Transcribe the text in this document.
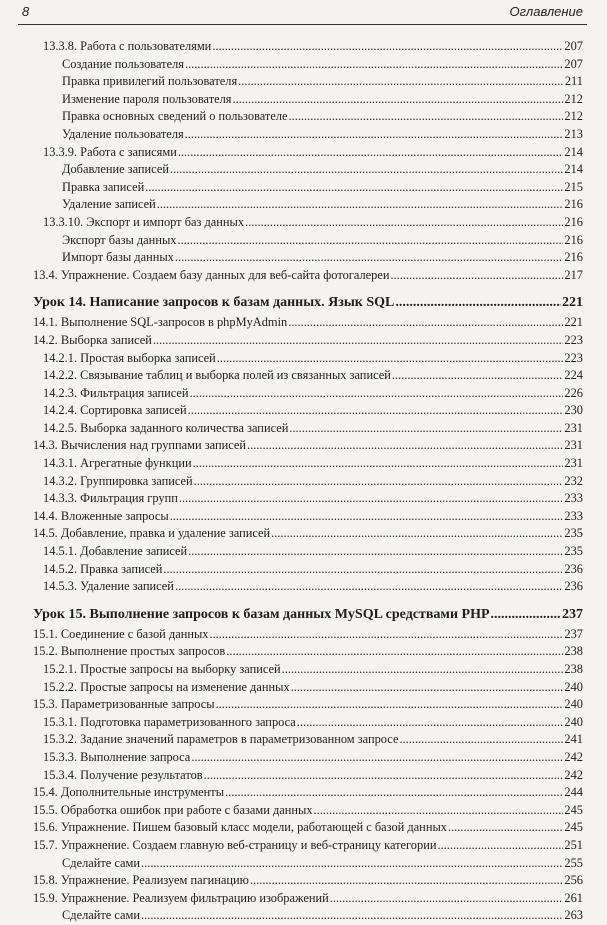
8	Оглавление
13.3.8. Работа с пользователями .....	207
Создание пользователя .....	207
Правка привилегий пользователя .....	211
Изменение пароля пользователя .....	212
Правка основных сведений о пользователе .....	212
Удаление пользователя .....	213
13.3.9. Работа с записями .....	214
Добавление записей .....	214
Правка записей .....	215
Удаление записей .....	216
13.3.10. Экспорт и импорт баз данных .....	216
Экспорт базы данных .....	216
Импорт базы данных .....	216
13.4. Упражнение. Создаем базу данных для веб-сайта фотогалереи .....	217
Урок 14. Написание запросов к базам данных. Язык SQL .....	221
14.1. Выполнение SQL-запросов в phpMyAdmin .....	221
14.2. Выборка записей .....	223
14.2.1. Простая выборка записей .....	223
14.2.2. Связывание таблиц и выборка полей из связанных записей .....	224
14.2.3. Фильтрация записей .....	226
14.2.4. Сортировка записей .....	230
14.2.5. Выборка заданного количества записей .....	231
14.3. Вычисления над группами записей .....	231
14.3.1. Агрегатные функции .....	231
14.3.2. Группировка записей .....	232
14.3.3. Фильтрация групп .....	233
14.4. Вложенные запросы .....	233
14.5. Добавление, правка и удаление записей .....	235
14.5.1. Добавление записей .....	235
14.5.2. Правка записей .....	236
14.5.3. Удаление записей .....	236
Урок 15. Выполнение запросов к базам данных MySQL средствами PHP .....	237
15.1. Соединение с базой данных .....	237
15.2. Выполнение простых запросов .....	238
15.2.1. Простые запросы на выборку записей .....	238
15.2.2. Простые запросы на изменение данных .....	240
15.3. Параметризованные запросы .....	240
15.3.1. Подготовка параметризованного запроса .....	240
15.3.2. Задание значений параметров в параметризованном запросе .....	241
15.3.3. Выполнение запроса .....	242
15.3.4. Получение результатов .....	242
15.4. Дополнительные инструменты .....	244
15.5. Обработка ошибок при работе с базами данных .....	245
15.6. Упражнение. Пишем базовый класс модели, работающей с базой данных .....	245
15.7. Упражнение. Создаем главную веб-страницу и веб-страницу категории .....	251
Сделайте сами .....	255
15.8. Упражнение. Реализуем пагинацию .....	256
15.9. Упражнение. Реализуем фильтрацию изображений .....	261
Сделайте сами .....	263
